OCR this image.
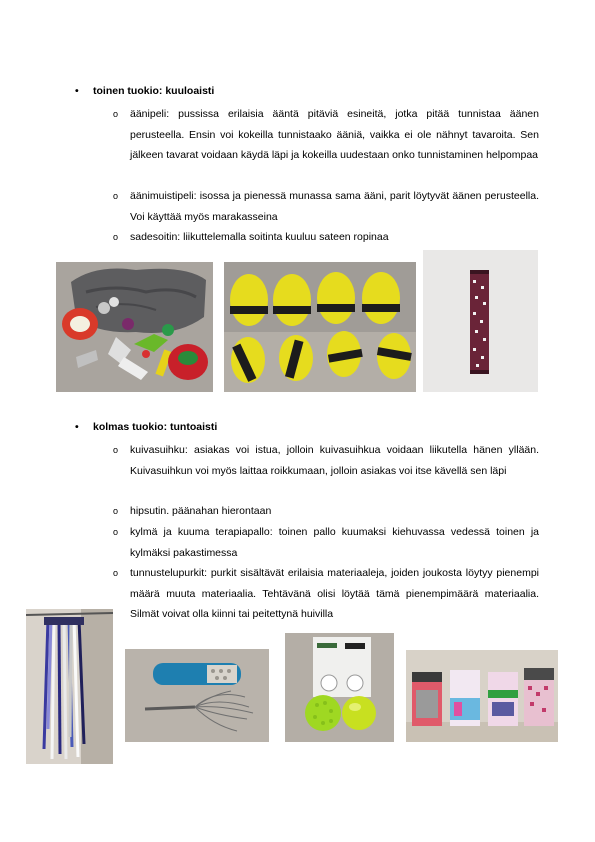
• toinen tuokio: kuuloaisti
o äänipeli: pussissa erilaisia ääntä pitäviä esineitä, jotka pitää tunnistaa äänen perusteella. Ensin voi kokeilla tunnistaako ääniä, vaikka ei ole nähnyt tavaroita. Sen jälkeen tavarat voidaan käydä läpi ja kokeilla uudestaan onko tunnistaminen helpompaa
o äänimuistipeli: isossa ja pienessä munassa sama ääni, parit löytyvät äänen perusteella. Voi käyttää myös marakasseina
o sadesoitin: liikuttelemalla soitinta kuuluu sateen ropinaa
• kolmas tuokio: tuntoaisti
o kuivasuihku: asiakas voi istua, jolloin kuivasuihkua voidaan liikutella hänen yllään. Kuivasuihkun voi myös laittaa roikkumaan, jolloin asiakas voi itse kävellä sen läpi
o hipsutin. päänahan hierontaan
o kylmä ja kuuma terapiapallo: toinen pallo kuumaksi kiehuvassa vedessä toinen ja kylmäksi pakastimessa
o tunnustelupurkit: purkit sisältävät erilaisia materiaaleja, joiden joukosta löytyy pienempi määrä muuta materiaalia. Tehtävänä olisi löytää tämä pienempimäärä materiaalia. Silmät voivat olla kiinni tai peitettynä huivilla
